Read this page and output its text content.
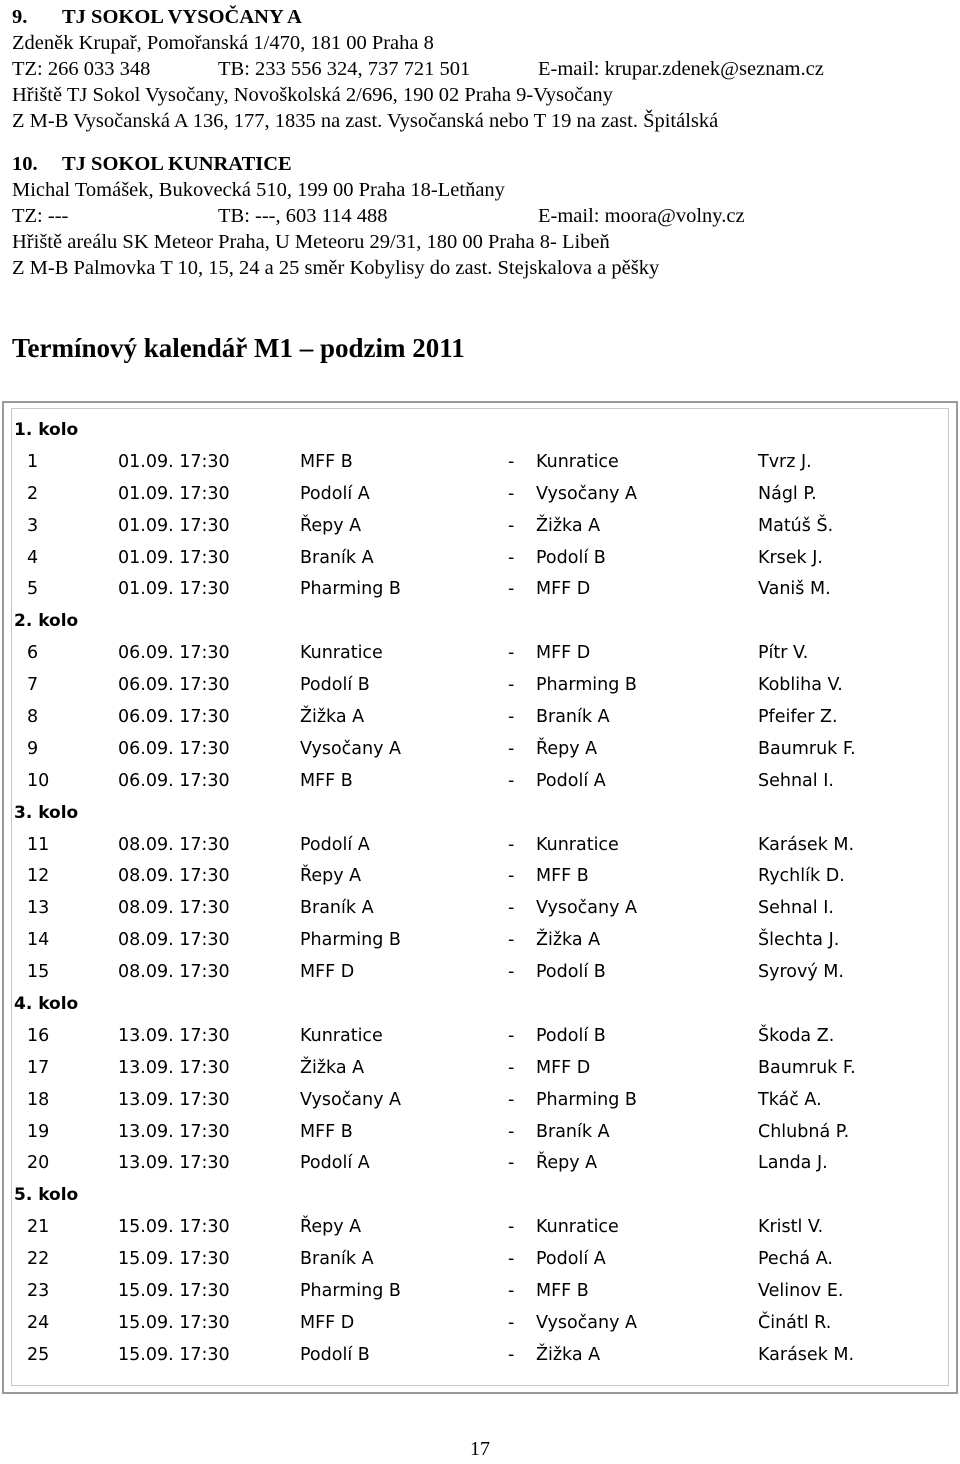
9. TJ SOKOL VYSOČANY A
Zdeněk Krupař, Pomořanská 1/470, 181 00 Praha 8
TZ: 266 033 348	TB: 233 556 324, 737 721 501	E-mail: krupar.zdenek@seznam.cz
Hřiště TJ Sokol Vysočany, Novoškolská 2/696, 190 02 Praha 9-Vysočany
Z M-B Vysočanská A 136, 177, 1835 na zast. Vysočanská nebo T 19 na zast. Špitálská
10. TJ SOKOL KUNRATICE
Michal Tomášek, Bukovecká 510, 199 00 Praha 18-Letňany
TZ: ---	TB: ---, 603 114 488	E-mail: moora@volny.cz
Hřiště areálu SK Meteor Praha, U Meteoru 29/31, 180 00 Praha 8- Libeň
Z M-B Palmovka T 10, 15, 24 a 25 směr Kobylisy do zast. Stejskalova a pěšky
Termínový kalendář M1 – podzim 2011
1. kolo
1	01.09. 17:30	MFF B	- Kunratice	Tvrz J.
2	01.09. 17:30	Podolí A	- Vysočany A	Nágl P.
3	01.09. 17:30	Řepy A	- Žižka A	Matúš Š.
4	01.09. 17:30	Braník A	- Podolí B	Krsek J.
5	01.09. 17:30	Pharming B	- MFF D	Vaniš M.
2. kolo
6	06.09. 17:30	Kunratice	- MFF D	Pítr V.
7	06.09. 17:30	Podolí B	- Pharming B	Kobliha V.
8	06.09. 17:30	Žižka A	- Braník A	Pfeifer Z.
9	06.09. 17:30	Vysočany A	- Řepy A	Baumruk F.
10	06.09. 17:30	MFF B	- Podolí A	Sehnal I.
3. kolo
11	08.09. 17:30	Podolí A	- Kunratice	Karásek M.
12	08.09. 17:30	Řepy A	- MFF B	Rychlík D.
13	08.09. 17:30	Braník A	- Vysočany A	Sehnal I.
14	08.09. 17:30	Pharming B	- Žižka A	Šlechta J.
15	08.09. 17:30	MFF D	- Podolí B	Syrový M.
4. kolo
16	13.09. 17:30	Kunratice	- Podolí B	Škoda Z.
17	13.09. 17:30	Žižka A	- MFF D	Baumruk F.
18	13.09. 17:30	Vysočany A	- Pharming B	Tkáč A.
19	13.09. 17:30	MFF B	- Braník A	Chlubná P.
20	13.09. 17:30	Podolí A	- Řepy A	Landa J.
5. kolo
21	15.09. 17:30	Řepy A	- Kunratice	Kristl V.
22	15.09. 17:30	Braník A	- Podolí A	Pechá A.
23	15.09. 17:30	Pharming B	- MFF B	Velinov E.
24	15.09. 17:30	MFF D	- Vysočany A	Činátl R.
25	15.09. 17:30	Podolí B	- Žižka A	Karásek M.
17
